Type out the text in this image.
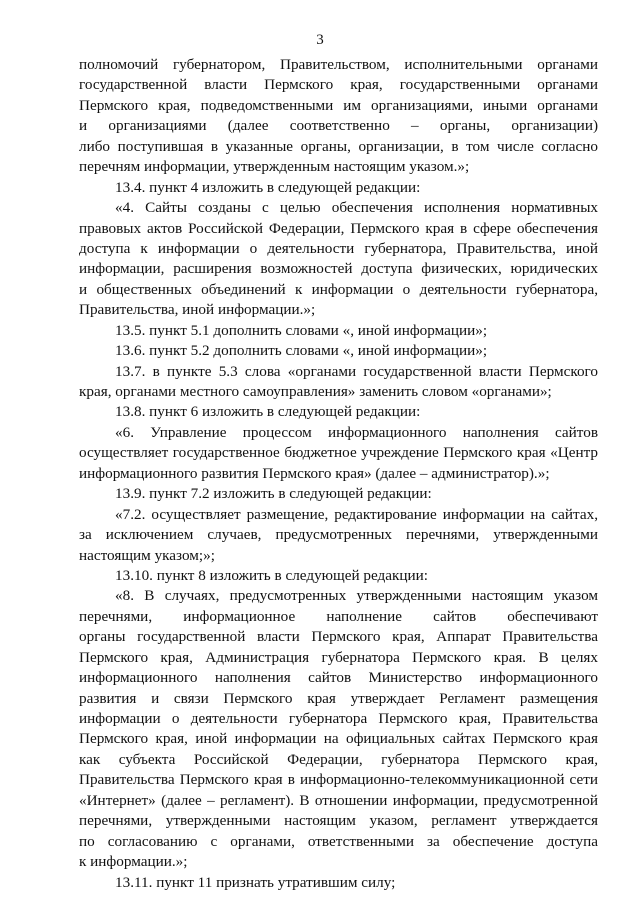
3
полномочий губернатором, Правительством, исполнительными органами
государственной власти Пермского края, государственными органами
Пермского края, подведомственными им организациями, иными органами
и организациями (далее соответственно – органы, организации)
либо поступившая в указанные органы, организации, в том числе согласно
перечням информации, утвержденным настоящим указом.»;
13.4. пункт 4 изложить в следующей редакции:
«4. Сайты созданы с целью обеспечения исполнения нормативных
правовых актов Российской Федерации, Пермского края в сфере обеспечения
доступа к информации о деятельности губернатора, Правительства, иной
информации, расширения возможностей доступа физических, юридических
и общественных объединений к информации о деятельности губернатора,
Правительства, иной информации.»;
13.5. пункт 5.1 дополнить словами «, иной информации»;
13.6. пункт 5.2 дополнить словами «, иной информации»;
13.7. в пункте 5.3 слова «органами государственной власти Пермского
края, органами местного самоуправления» заменить словом «органами»;
13.8. пункт 6 изложить в следующей редакции:
«6. Управление процессом информационного наполнения сайтов
осуществляет государственное бюджетное учреждение Пермского края «Центр
информационного развития Пермского края» (далее – администратор).»;
13.9. пункт 7.2 изложить в следующей редакции:
«7.2. осуществляет размещение, редактирование информации на сайтах,
за исключением случаев, предусмотренных перечнями, утвержденными
настоящим указом;»;
13.10. пункт 8 изложить в следующей редакции:
«8. В случаях, предусмотренных утвержденными настоящим указом
перечнями, информационное наполнение сайтов обеспечивают
органы государственной власти Пермского края, Аппарат Правительства
Пермского края, Администрация губернатора Пермского края. В целях
информационного наполнения сайтов Министерство информационного
развития и связи Пермского края утверждает Регламент размещения
информации о деятельности губернатора Пермского края, Правительства
Пермского края, иной информации на официальных сайтах Пермского края
как субъекта Российской Федерации, губернатора Пермского края,
Правительства Пермского края в информационно-телекоммуникационной сети
«Интернет» (далее – регламент). В отношении информации, предусмотренной
перечнями, утвержденными настоящим указом, регламент утверждается
по согласованию с органами, ответственными за обеспечение доступа
к информации.»;
13.11. пункт 11 признать утратившим силу;
